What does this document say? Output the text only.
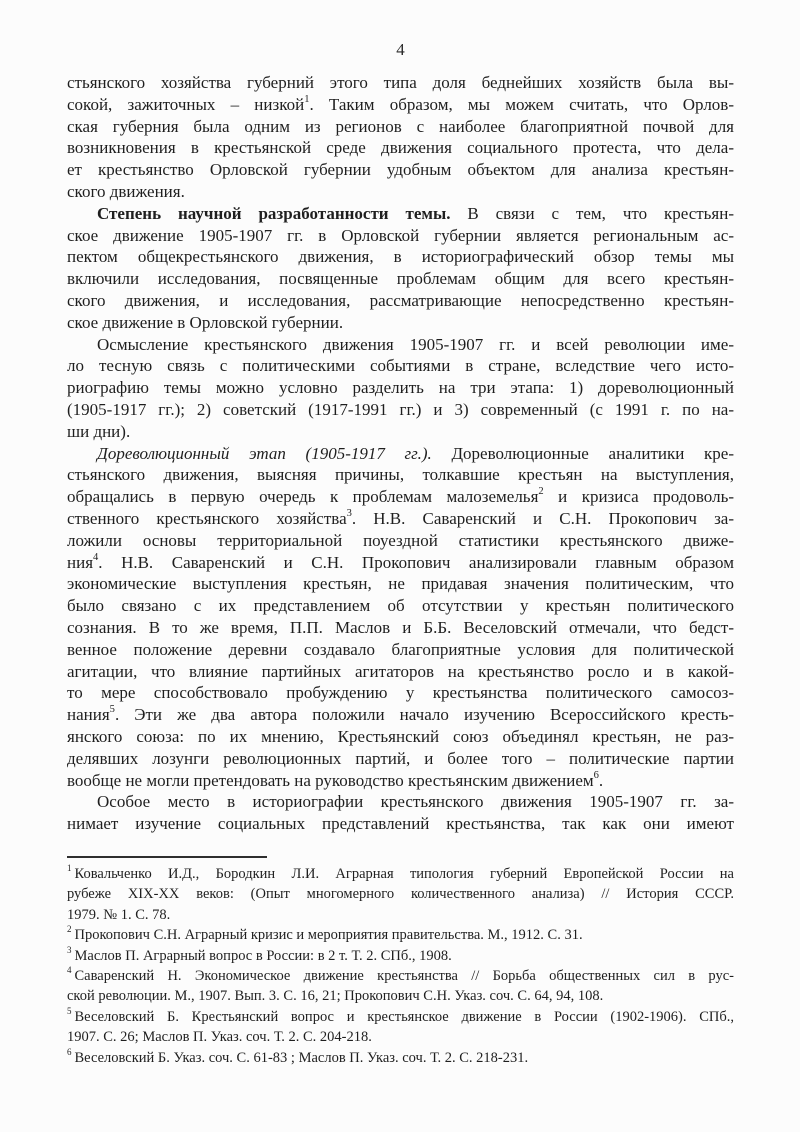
4
стьянского хозяйства губерний этого типа доля беднейших хозяйств была вы-
сокой, зажиточных – низкой$^1$. Таким образом, мы можем считать, что Орлов-
ская губерния была одним из регионов с наиболее благоприятной почвой для
возникновения в крестьянской среде движения социального протеста, что дела-
ет крестьянство Орловской губернии удобным объектом для анализа крестьян-
ского движения.
Степень научной разработанности темы. В связи с тем, что крестьян-
ское движение 1905-1907 гг. в Орловской губернии является региональным ас-
пектом общекрестьянского движения, в историографический обзор темы мы
включили исследования, посвященные проблемам общим для всего крестьян-
ского движения, и исследования, рассматривающие непосредственно крестьян-
ское движение в Орловской губернии.
Осмысление крестьянского движения 1905-1907 гг. и всей революции име-
ло тесную связь с политическими событиями в стране, вследствие чего исто-
риографию темы можно условно разделить на три этапа: 1) дореволюционный
(1905-1917 гг.); 2) советский (1917-1991 гг.) и 3) современный (с 1991 г. по на-
ши дни).
Дореволюционный этап (1905-1917 гг.). Дореволюционные аналитики кре-
стьянского движения, выясняя причины, толкавшие крестьян на выступления,
обращались в первую очередь к проблемам малоземелья$^2$ и кризиса продоволь-
ственного крестьянского хозяйства$^3$. Н.В. Саваренский и С.Н. Прокопович за-
ложили основы территориальной поуездной статистики крестьянского движе-
ния$^4$. Н.В. Саваренский и С.Н. Прокопович анализировали главным образом
экономические выступления крестьян, не придавая значения политическим, что
было связано с их представлением об отсутствии у крестьян политического
сознания. В то же время, П.П. Маслов и Б.Б. Веселовский отмечали, что бедст-
венное положение деревни создавало благоприятные условия для политической
агитации, что влияние партийных агитаторов на крестьянство росло и в какой-
то мере способствовало пробуждению у крестьянства политического самосоз-
нания$^5$. Эти же два автора положили начало изучению Всероссийского кресть-
янского союза: по их мнению, Крестьянский союз объединял крестьян, не раз-
делявших лозунги революционных партий, и более того – политические партии
вообще не могли претендовать на руководство крестьянским движением$^6$.
Особое место в историографии крестьянского движения 1905-1907 гг. за-
нимает изучение социальных представлений крестьянства, так как они имеют
$^1$ Ковальченко И.Д., Бородкин Л.И. Аграрная типология губерний Европейской России на
рубеже XIX-XX веков: (Опыт многомерного количественного анализа) // История СССР.
1979. № 1. С. 78.
$^2$ Прокопович С.Н. Аграрный кризис и мероприятия правительства. М., 1912. С. 31.
$^3$ Маслов П. Аграрный вопрос в России: в 2 т. Т. 2. СПб., 1908.
$^4$ Саваренский Н. Экономическое движение крестьянства // Борьба общественных сил в рус-
ской революции. М., 1907. Вып. 3. С. 16, 21; Прокопович С.Н. Указ. соч. С. 64, 94, 108.
$^5$ Веселовский Б. Крестьянский вопрос и крестьянское движение в России (1902-1906). СПб.,
1907. С. 26; Маслов П. Указ. соч. Т. 2. С. 204-218.
$^6$ Веселовский Б. Указ. соч. С. 61-83 ; Маслов П. Указ. соч. Т. 2. С. 218-231.
